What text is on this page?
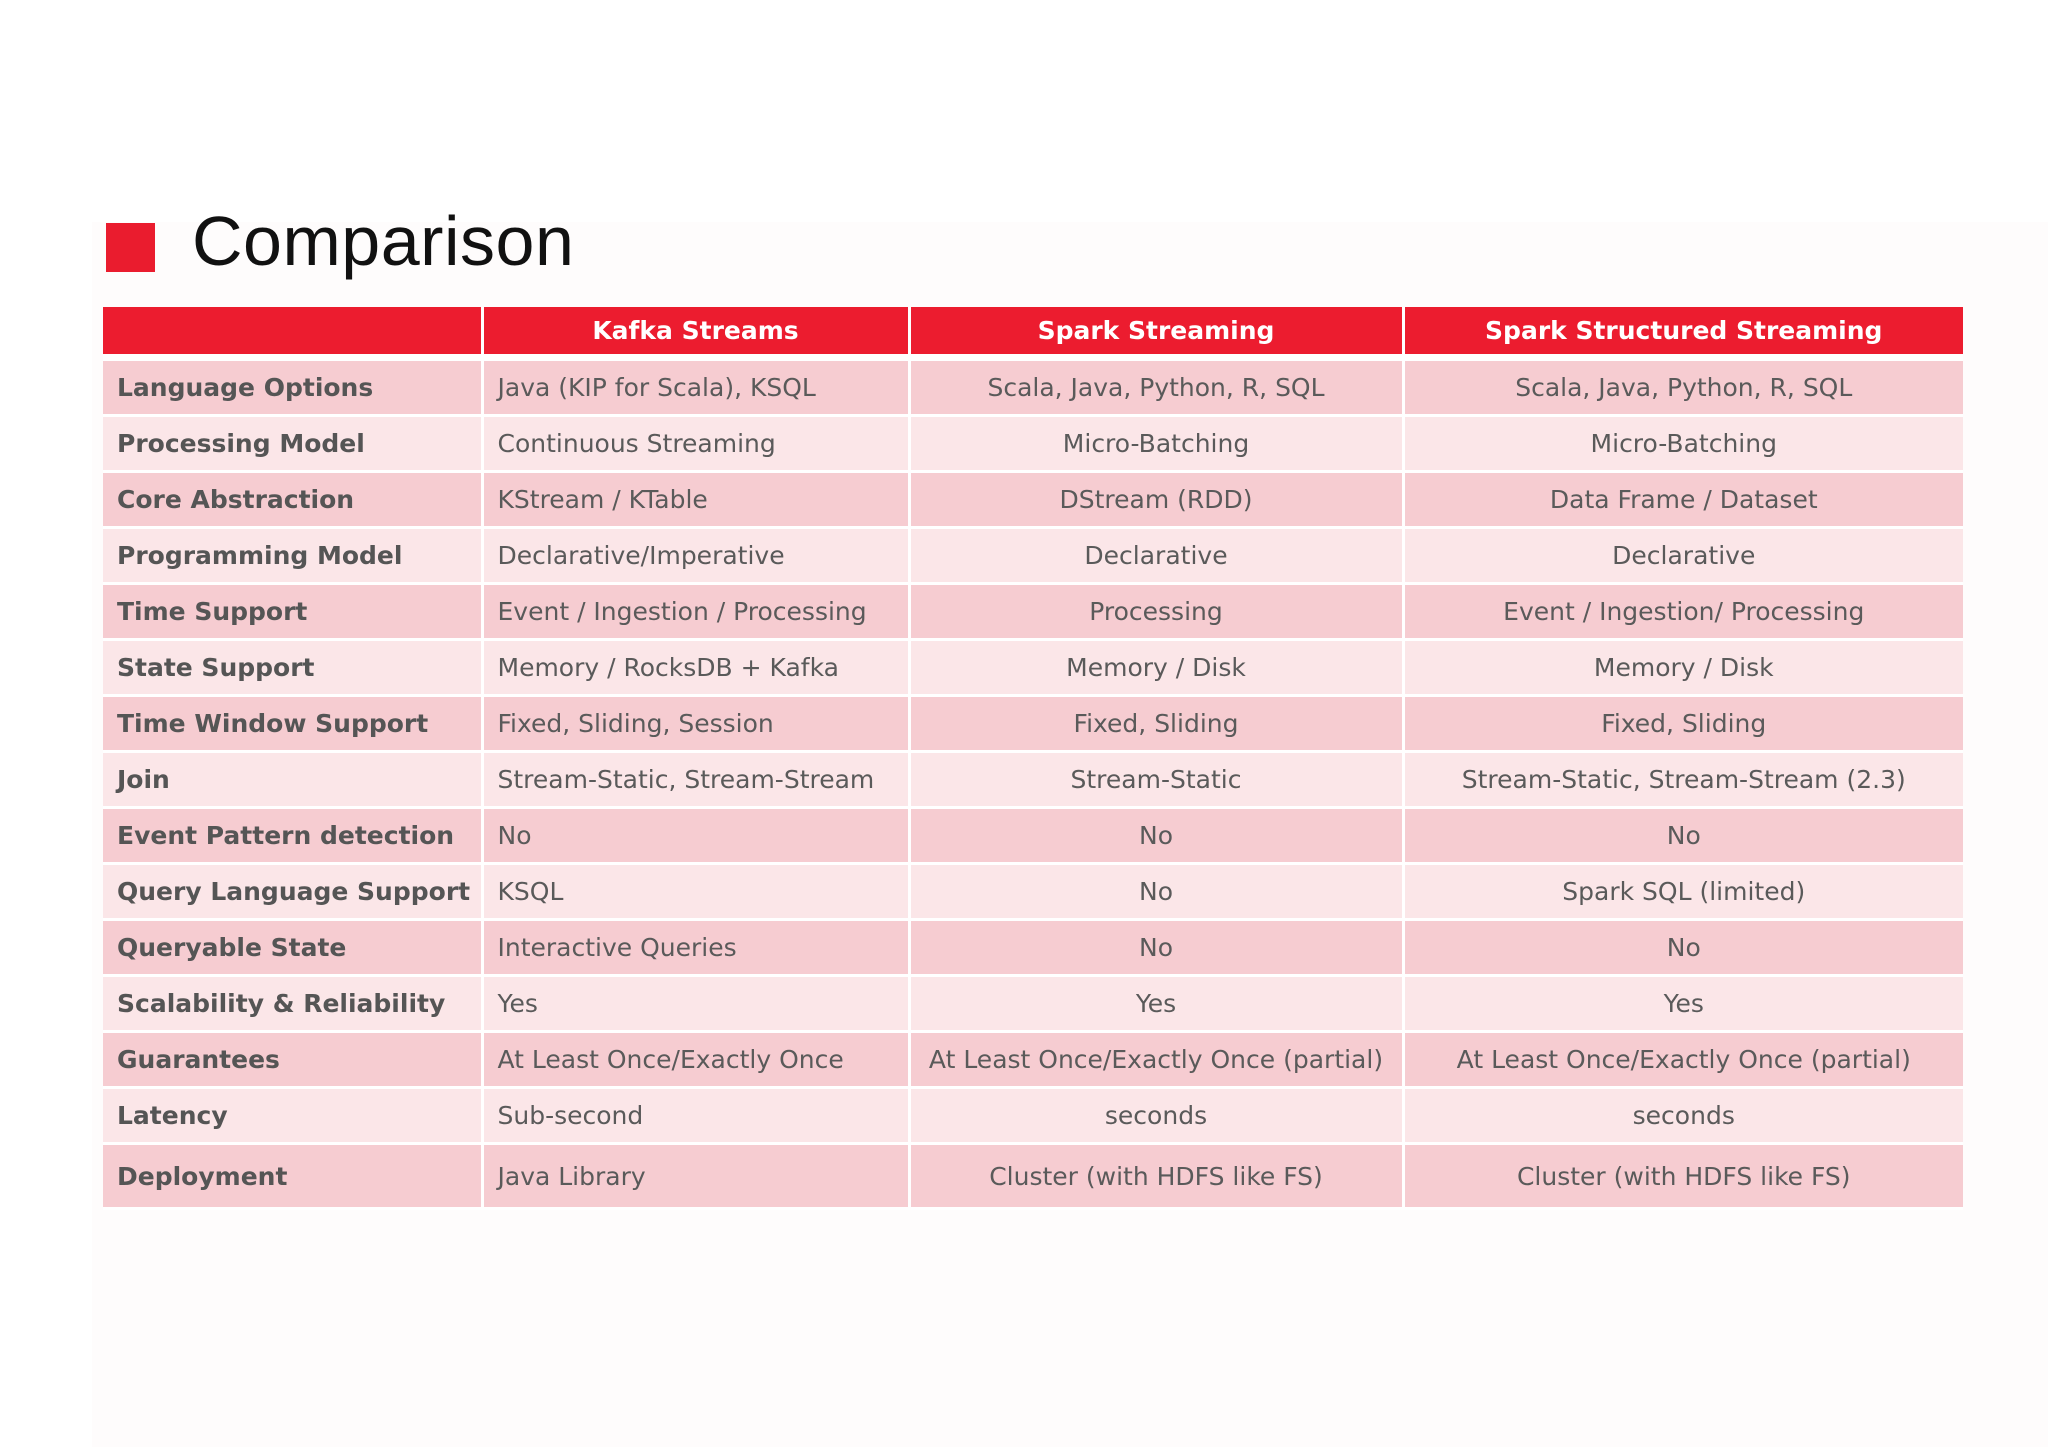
Comparison
	Kafka Streams	Spark Streaming	Spark Structured Streaming
Language Options	Java (KIP for Scala), KSQL	Scala, Java, Python, R, SQL	Scala, Java, Python, R, SQL
Processing Model	Continuous Streaming	Micro-Batching	Micro-Batching
Core Abstraction	KStream / KTable	DStream (RDD)	Data Frame / Dataset
Programming Model	Declarative/Imperative	Declarative	Declarative
Time Support	Event / Ingestion / Processing	Processing	Event / Ingestion/ Processing
State Support	Memory / RocksDB + Kafka	Memory / Disk	Memory / Disk
Time Window Support	Fixed, Sliding, Session	Fixed, Sliding	Fixed, Sliding
Join	Stream-Static, Stream-Stream	Stream-Static	Stream-Static, Stream-Stream (2.3)
Event Pattern detection	No	No	No
Query Language Support	KSQL	No	Spark SQL (limited)
Queryable State	Interactive Queries	No	No
Scalability & Reliability	Yes	Yes	Yes
Guarantees	At Least Once/Exactly Once	At Least Once/Exactly Once (partial)	At Least Once/Exactly Once (partial)
Latency	Sub-second	seconds	seconds
Deployment	Java Library	Cluster (with HDFS like FS)	Cluster (with HDFS like FS)
